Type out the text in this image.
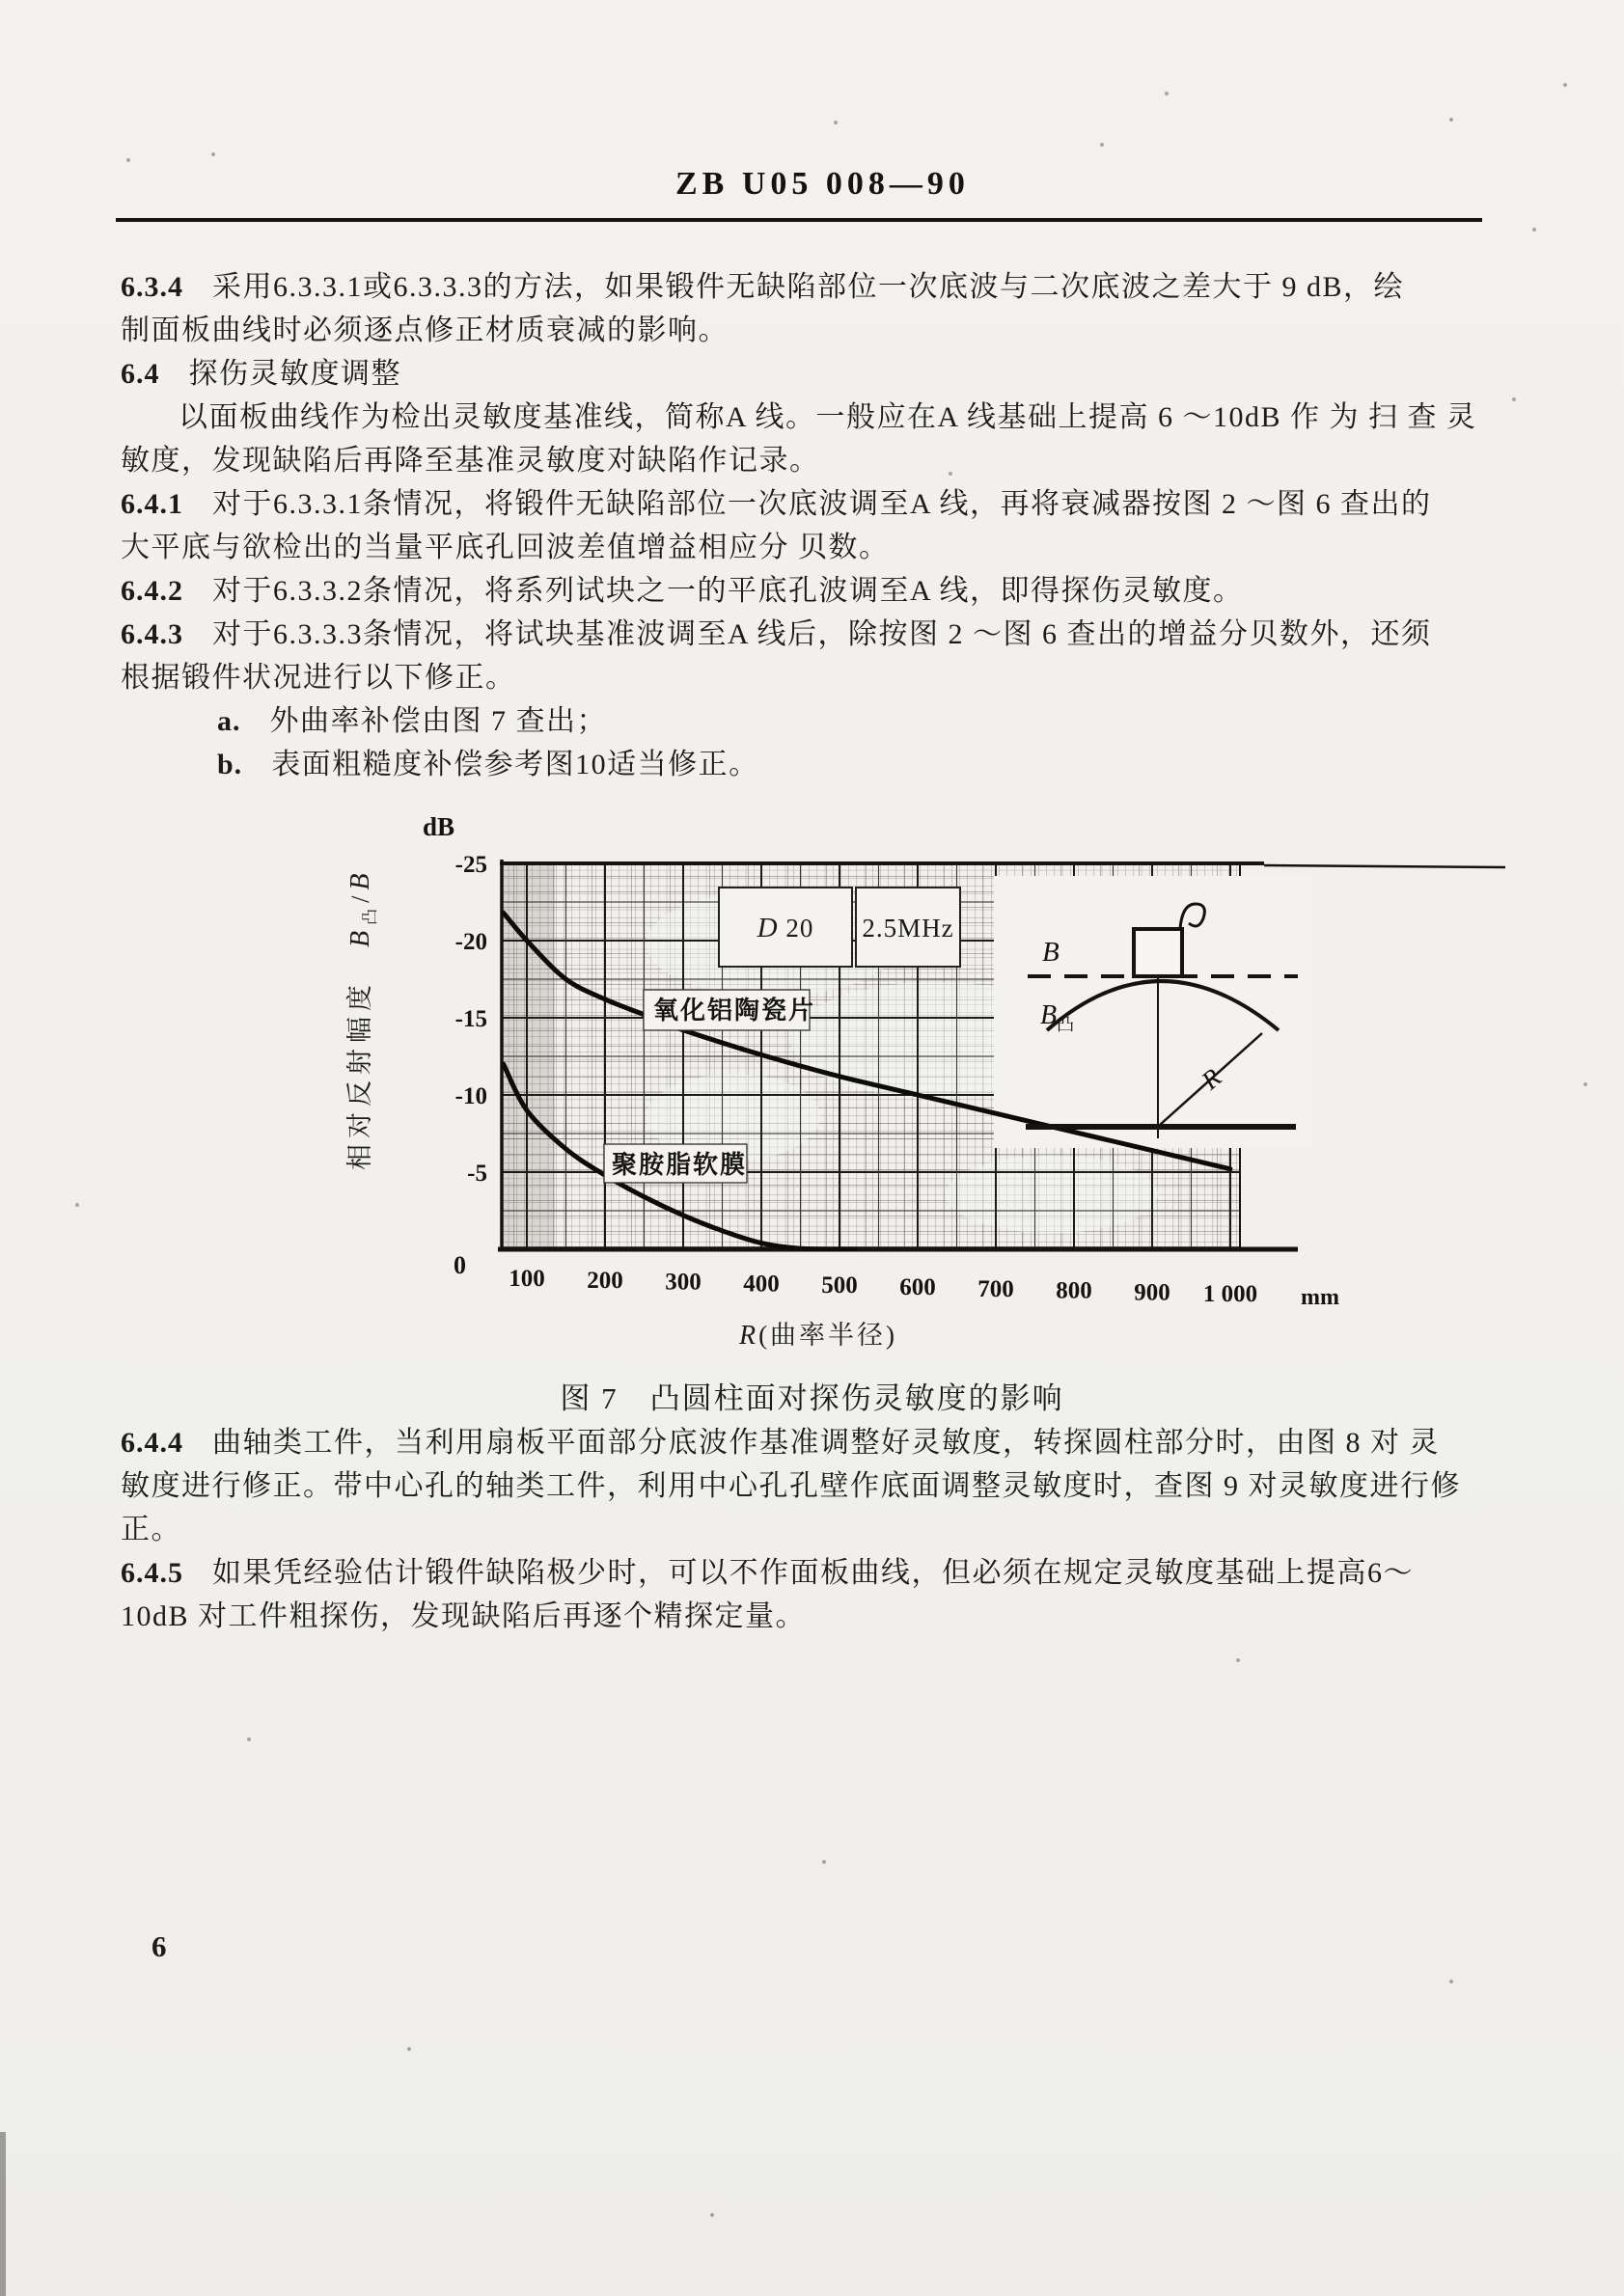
ZB U05 008—90
6.3.4 采用6.3.3.1或6.3.3.3的方法，如果锻件无缺陷部位一次底波与二次底波之差大于 9 dB，绘
制面板曲线时必须逐点修正材质衰减的影响。
6.4 探伤灵敏度调整
以面板曲线作为检出灵敏度基准线，简称A 线。一般应在A 线基础上提高 6 ～10dB 作 为 扫 查 灵
敏度，发现缺陷后再降至基准灵敏度对缺陷作记录。
6.4.1 对于6.3.3.1条情况，将锻件无缺陷部位一次底波调至A 线，再将衰减器按图 2 ～图 6 查出的
大平底与欲检出的当量平底孔回波差值增益相应分 贝数。
6.4.2 对于6.3.3.2条情况，将系列试块之一的平底孔波调至A 线，即得探伤灵敏度。
6.4.3 对于6.3.3.3条情况，将试块基准波调至A 线后，除按图 2 ～图 6 查出的增益分贝数外，还须
根据锻件状况进行以下修正。
a. 外曲率补偿由图 7 查出；
b. 表面粗糙度补偿参考图10适当修正。
6.4.4 曲轴类工件，当利用扇板平面部分底波作基准调整好灵敏度，转探圆柱部分时，由图 8 对 灵
敏度进行修正。带中心孔的轴类工件，利用中心孔孔壁作底面调整灵敏度时，查图 9 对灵敏度进行修
正。
6.4.5 如果凭经验估计锻件缺陷极少时，可以不作面板曲线，但必须在规定灵敏度基础上提高6～
10dB 对工件粗探伤，发现缺陷后再逐个精探定量。
D 20 2.5MHz
氧化铝陶瓷片
聚胺脂软膜
0
-5
-10
-15
-20
-25
100 200 300 400 500 600 700 800 900 1 000 mm
dB
相对反射幅度　$B_凸/B$
R(曲率半径)
B
$B_凸$
R
图 7　凸圆柱面对探伤灵敏度的影响
6
